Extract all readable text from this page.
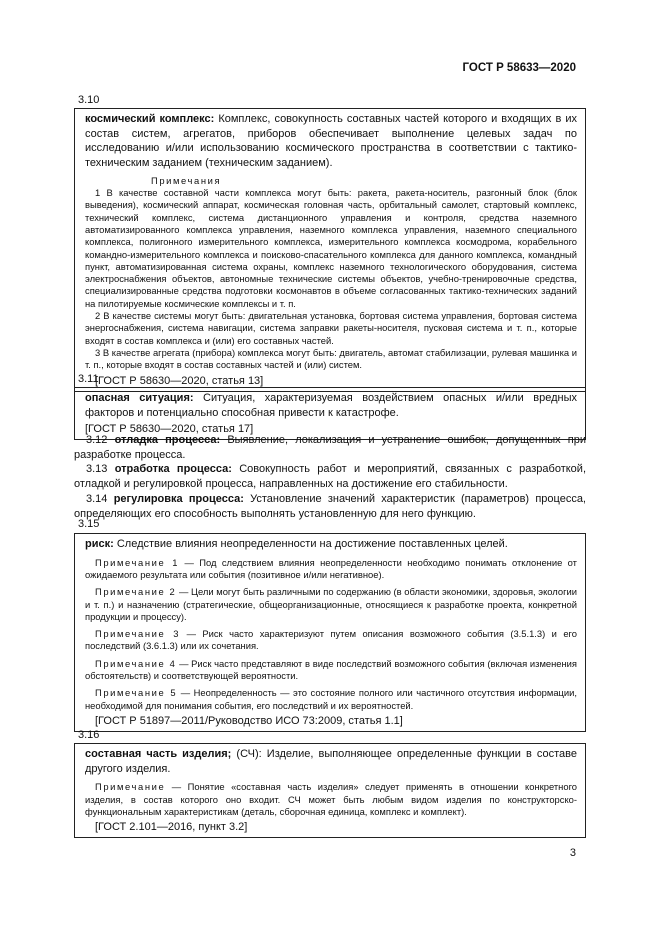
ГОСТ Р 58633—2020
3.10

космический комплекс: Комплекс, совокупность составных частей которого и входящих в их состав систем, агрегатов, приборов обеспечивает выполнение целевых задач по исследованию и/или использованию космического пространства в соответствии с тактико-техническим заданием (техническим заданием).

Примечания

1 В качестве составной части комплекса могут быть: ракета, ракета-носитель, разгонный блок (блок выведения), космический аппарат, космическая головная часть, орбитальный самолет, стартовый комплекс, технический комплекс, система дистанционного управления и контроля, средства наземного автоматизированного комплекса управления, наземного комплекса управления, наземного специального комплекса, полигонного измерительного комплекса, измерительного комплекса космодрома, корабельного командно-измерительного комплекса и поисково-спасательного комплекса для данного комплекса, командный пункт, автоматизированная система охраны, комплекс наземного технологического оборудования, система электроснабжения объектов, автономные технические системы объектов, учебно-тренировочные средства, специализированные средства подготовки космонавтов в объеме согласованных тактико-технических заданий на пилотируемые космические комплексы и т. п.

2 В качестве системы могут быть: двигательная установка, бортовая система управления, бортовая система энергоснабжения, система навигации, система заправки ракеты-носителя, пусковая система и т. п., которые входят в состав комплекса и (или) его составных частей.

3 В качестве агрегата (прибора) комплекса могут быть: двигатель, автомат стабилизации, рулевая машинка и т. п., которые входят в состав составных частей и (или) систем.

[ГОСТ Р 58630—2020, статья 13]

3.11

опасная ситуация: Ситуация, характеризуемая воздействием опасных и/или вредных факторов и потенциально способная привести к катастрофе.

[ГОСТ Р 58630—2020, статья 17]

3.12 отладка процесса: Выявление, локализация и устранение ошибок, допущенных при разработке процесса.

3.13 отработка процесса: Совокупность работ и мероприятий, связанных с разработкой, отладкой и регулировкой процесса, направленных на достижение его стабильности.

3.14 регулировка процесса: Установление значений характеристик (параметров) процесса, определяющих его способность выполнять установленную для него функцию.

3.15

риск: Следствие влияния неопределенности на достижение поставленных целей.

Примечание 1 — Под следствием влияния неопределенности необходимо понимать отклонение от ожидаемого результата или события (позитивное и/или негативное).

Примечание 2 — Цели могут быть различными по содержанию (в области экономики, здоровья, экологии и т. п.) и назначению (стратегические, общеорганизационные, относящиеся к разработке проекта, конкретной продукции и процессу).

Примечание 3 — Риск часто характеризуют путем описания возможного события (3.5.1.3) и его последствий (3.6.1.3) или их сочетания.

Примечание 4 — Риск часто представляют в виде последствий возможного события (включая изменения обстоятельств) и соответствующей вероятности.

Примечание 5 — Неопределенность — это состояние полного или частичного отсутствия информации, необходимой для понимания события, его последствий и их вероятностей.

[ГОСТ Р 51897—2011/Руководство ИСО 73:2009, статья 1.1]

3.16

составная часть изделия; (СЧ): Изделие, выполняющее определенные функции в составе другого изделия.

Примечание — Понятие «составная часть изделия» следует применять в отношении конкретного изделия, в состав которого оно входит. СЧ может быть любым видом изделия по конструкторско-функциональным характеристикам (деталь, сборочная единица, комплекс и комплект).

[ГОСТ 2.101—2016, пункт 3.2]

3
